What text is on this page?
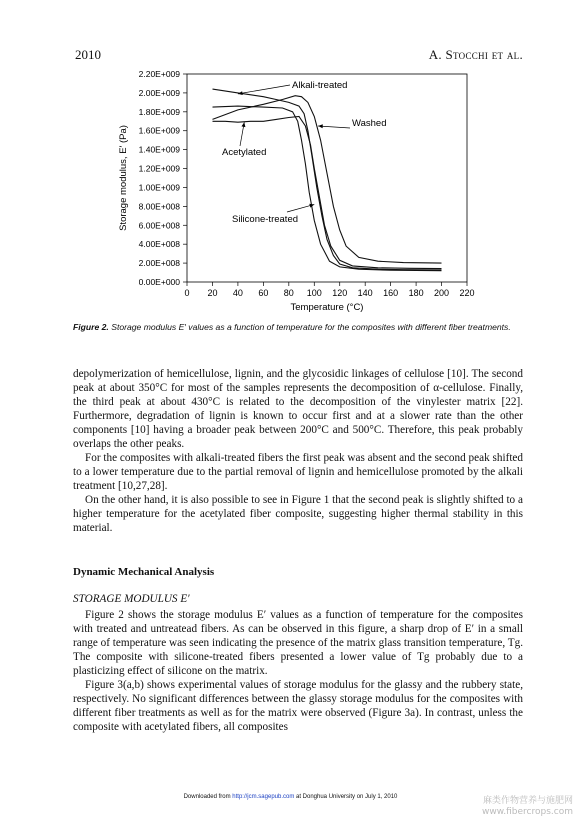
2010	A. Stocchi et al.
0 20 40 60 80 100 120 140 160 180 200 220
0.00E+000
2.00E+008
4.00E+008
6.00E+008
8.00E+008
1.00E+009
1.20E+009
1.40E+009
1.60E+009
1.80E+009
2.00E+009
2.20E+009
Temperature (°C)
Storage modulus, E′ (Pa)
Alkali-treated
Washed
Acetylated
Silicone-treated
Figure 2. Storage modulus E′ values as a function of temperature for the composites with different fiber treatments.

depolymerization of hemicellulose, lignin, and the glycosidic linkages of cellulose [10]. The second peak at about 350°C for most of the samples represents the decomposition of α-cellulose. Finally, the third peak at about 430°C is related to the decomposition of the vinylester matrix [22]. Furthermore, degradation of lignin is known to occur first and at a slower rate than the other components [10] having a broader peak between 200°C and 500°C. Therefore, this peak probably overlaps the other peaks.

For the composites with alkali-treated fibers the first peak was absent and the second peak shifted to a lower temperature due to the partial removal of lignin and hemicellulose promoted by the alkali treatment [10,27,28].

On the other hand, it is also possible to see in Figure 1 that the second peak is slightly shifted to a higher temperature for the acetylated fiber composite, suggesting higher thermal stability in this material.

Dynamic Mechanical Analysis
STORAGE MODULUS E′

Figure 2 shows the storage modulus E′ values as a function of temperature for the composites with treated and untreatead fibers. As can be observed in this figure, a sharp drop of E′ in a small range of temperature was seen indicating the presence of the matrix glass transition temperature, Tg. The composite with silicone-treated fibers presented a lower value of Tg probably due to a plasticizing effect of silicone on the matrix.

Figure 3(a,b) shows experimental values of storage modulus for the glassy and the rubbery state, respectively. No significant differences between the glassy storage modulus for the composites with different fiber treatments as well as for the matrix were observed (Figure 3a). In contrast, unless the composite with acetylated fibers, all composites

Downloaded from http://jcm.sagepub.com at Donghua University on July 1, 2010	麻类作物营养与施肥网
www.fibercrops.com
